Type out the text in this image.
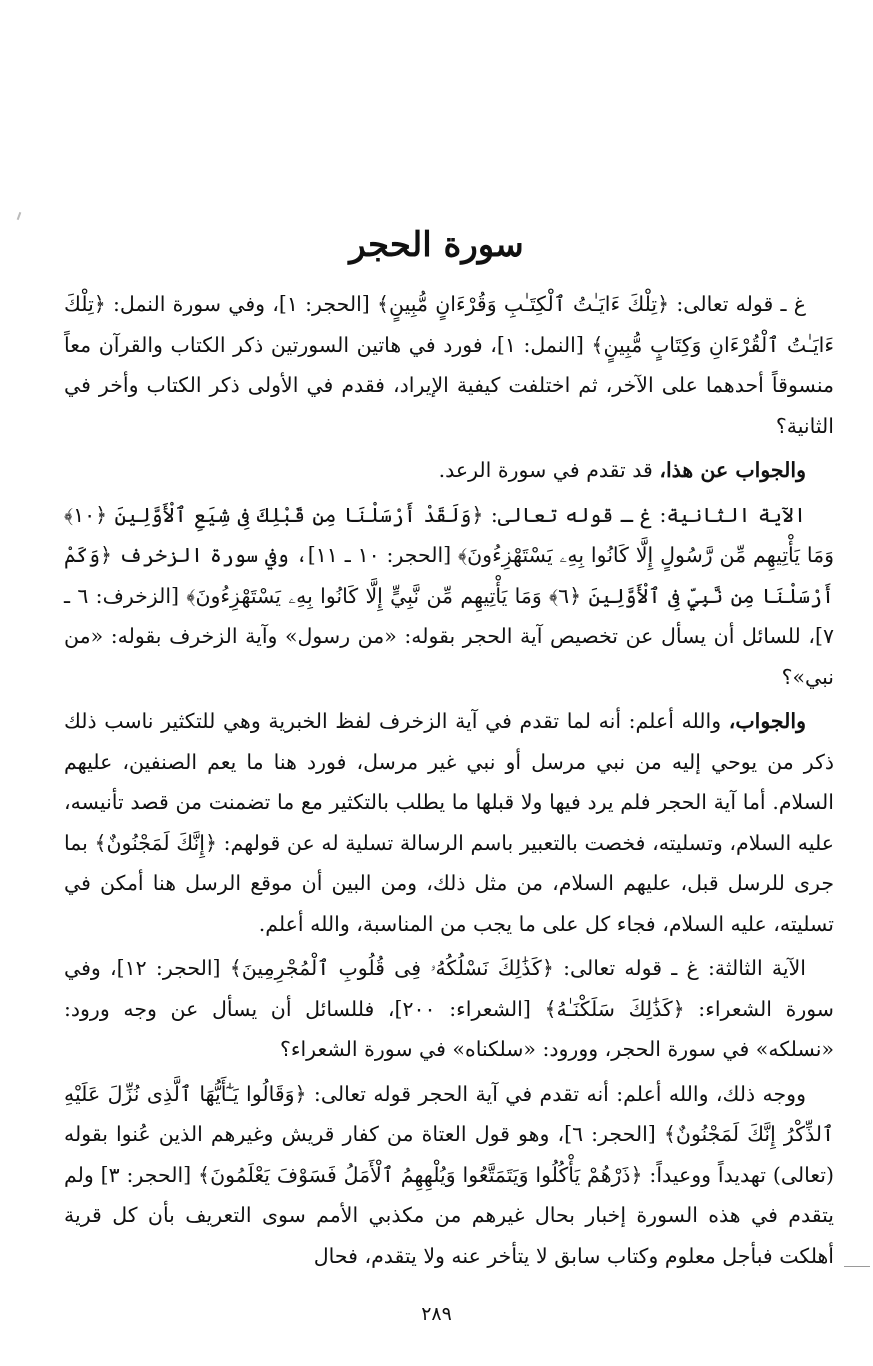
سورة الحجر

غ ـ قوله تعالى: ﴿تِلْكَ ءَايَـٰتُ ٱلْكِتَـٰبِ وَقُرْءَانٍ مُّبِينٍ﴾ [الحجر: ١]، وفي سورة النمل: ﴿تِلْكَ ءَايَـٰتُ ٱلْقُرْءَانِ وَكِتَابٍ مُّبِينٍ﴾ [النمل: ١]، فورد في هاتين السورتين ذكر الكتاب والقرآن معاً منسوقاً أحدهما على الآخر، ثم اختلفت كيفية الإيراد، فقدم في الأولى ذكر الكتاب وأخر في الثانية؟

والجواب عن هذا، قد تقدم في سورة الرعد.

الآية الثانية: غ ـ قوله تعالى: ﴿وَلَقَدْ أَرْسَلْنَا مِن قَبْلِكَ فِى شِيَعِ ٱلْأَوَّلِينَ ﴿١٠﴾ وَمَا يَأْتِيهِم مِّن رَّسُولٍ إِلَّا كَانُوا بِهِۦ يَسْتَهْزِءُونَ﴾ [الحجر: ١٠ ـ ١١]، وفي سورة الزخرف ﴿وَكَمْ أَرْسَلْنَا مِن نَّبِيٍّ فِى ٱلْأَوَّلِينَ ﴿٦﴾ وَمَا يَأْتِيهِم مِّن نَّبِيٍّ إِلَّا كَانُوا بِهِۦ يَسْتَهْزِءُونَ﴾ [الزخرف: ٦ ـ ٧]، للسائل أن يسأل عن تخصيص آية الحجر بقوله: «من رسول» وآية الزخرف بقوله: «من نبي»؟

والجواب، والله أعلم: أنه لما تقدم في آية الزخرف لفظ الخبرية وهي للتكثير ناسب ذلك ذكر من يوحي إليه من نبي مرسل أو نبي غير مرسل، فورد هنا ما يعم الصنفين، عليهم السلام. أما آية الحجر فلم يرد فيها ولا قبلها ما يطلب بالتكثير مع ما تضمنت من قصد تأنيسه، عليه السلام، وتسليته، فخصت بالتعبير باسم الرسالة تسلية له عن قولهم: ﴿إِنَّكَ لَمَجْنُونٌ﴾ بما جرى للرسل قبل، عليهم السلام، من مثل ذلك، ومن البين أن موقع الرسل هنا أمكن في تسليته، عليه السلام، فجاء كل على ما يجب من المناسبة، والله أعلم.

الآية الثالثة: غ ـ قوله تعالى: ﴿كَذَٰلِكَ نَسْلُكُهُۥ فِى قُلُوبِ ٱلْمُجْرِمِينَ﴾ [الحجر: ١٢]، وفي سورة الشعراء: ﴿كَذَٰلِكَ سَلَكْنَـٰهُ﴾ [الشعراء: ٢٠٠]، فللسائل أن يسأل عن وجه ورود: «نسلكه» في سورة الحجر، وورود: «سلكناه» في سورة الشعراء؟

ووجه ذلك، والله أعلم: أنه تقدم في آية الحجر قوله تعالى: ﴿وَقَالُوا يَـٰٓأَيُّهَا ٱلَّذِى نُزِّلَ عَلَيْهِ ٱلذِّكْرُ إِنَّكَ لَمَجْنُونٌ﴾ [الحجر: ٦]، وهو قول العتاة من كفار قريش وغيرهم الذين عُنوا بقوله (تعالى) تهديداً ووعيداً: ﴿ذَرْهُمْ يَأْكُلُوا وَيَتَمَتَّعُوا وَيُلْهِهِمُ ٱلْأَمَلُ فَسَوْفَ يَعْلَمُونَ﴾ [الحجر: ٣] ولم يتقدم في هذه السورة إخبار بحال غيرهم من مكذبي الأمم سوى التعريف بأن كل قرية أهلكت فبأجل معلوم وكتاب سابق لا يتأخر عنه ولا يتقدم، فحال

٢٨٩
